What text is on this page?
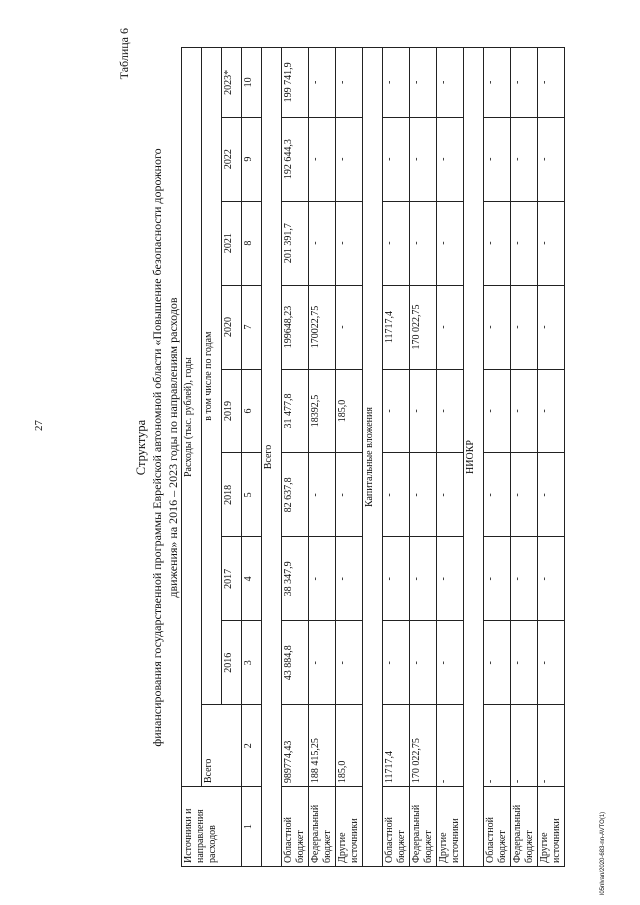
27
Таблица 6
Структура финансирования государственной программы Еврейской автономной области «Повышение безопасности дорожного движения» на 2016 – 2023 годы по направлениям расходов
Источники и направления расходов	Расходы (тыс. рублей), годы								
	Всего	в том числе по годам							
		2016	2017	2018	2019	2020	2021	2022	2023*
1	2	3	4	5	6	7	8	9	10
Всего									
Областной бюджет	989774,43	43 884,8	38 347,9	82 637,8	31 477,8	199648,23	201 391,7	192 644,3	199 741,9
Федеральный бюджет	188 415,25	-	-	-	18392,5	170022,75	-	-	-
Другие источники	185,0	-	-	-	185,0	-	-	-	-
Капитальные вложения									
Областной бюджет	11717,4	-	-	-	-	11717,4	-	-	-
Федеральный бюджет	170 022,75	-	-	-	-	170 022,75	-	-	-
Другие источники	-	-	-	-	-	-	-	-	-
НИОКР									
Областной бюджет	-	-	-	-	-	-	-	-	-
Федеральный бюджет	-	-	-	-	-	-	-	-	-
Другие источники	-	-	-	-	-	-	-	-	-
l05nlvan/2020-683-nn-AVTO(1)
